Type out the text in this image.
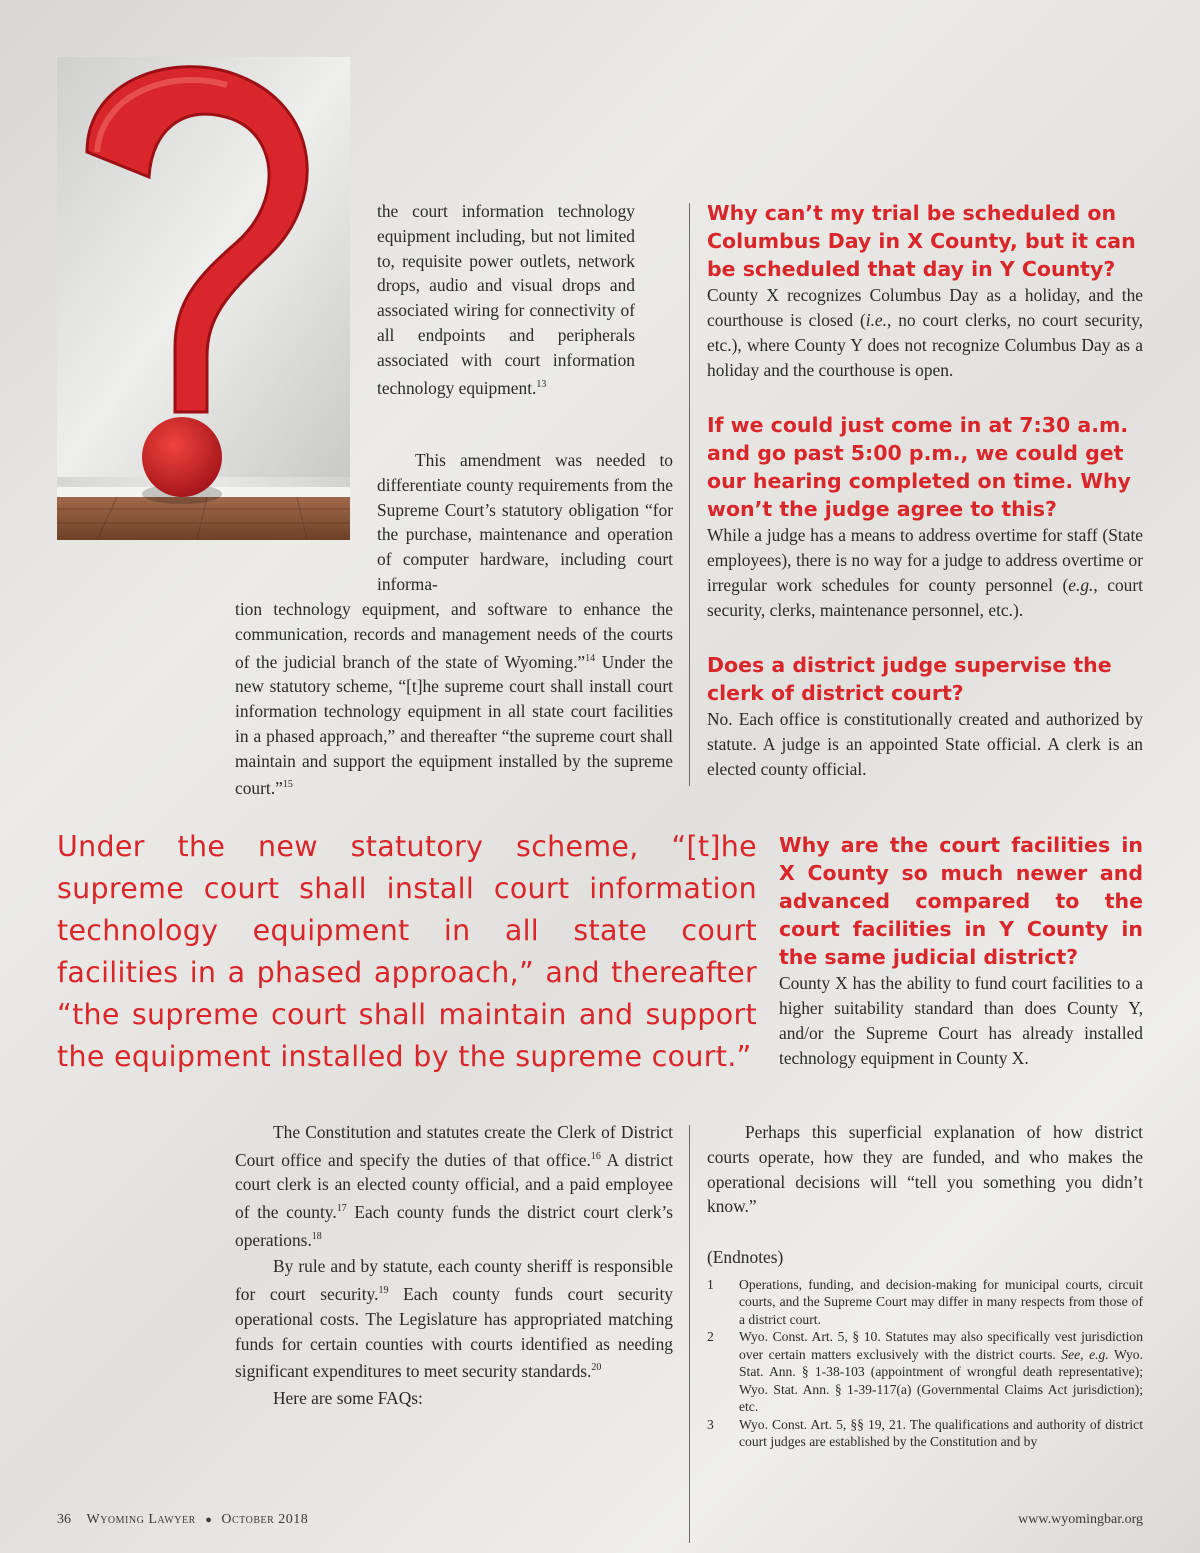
the court information technology equipment including, but not limited to, requisite power outlets, network drops, audio and visual drops and associated wiring for connectivity of all endpoints and peripherals associated with court information technology equipment.$^{13}$

This amendment was needed to differentiate county requirements from the Supreme Court’s statutory obligation “for the purchase, maintenance and operation of computer hardware, including court informa-
tion technology equipment, and software to enhance the communication, records and management needs of the courts of the judicial branch of the state of Wyoming.”$^{14}$ Under the new statutory scheme, “[t]he supreme court shall install court information technology equipment in all state court facilities in a phased approach,” and thereafter “the supreme court shall maintain and support the equipment installed by the supreme court.”$^{15}$

Why can’t my trial be scheduled on Columbus Day in X County, but it can be scheduled that day in Y County?

County X recognizes Columbus Day as a holiday, and the courthouse is closed (i.e., no court clerks, no court security, etc.), where County Y does not recognize Columbus Day as a holiday and the courthouse is open.

If we could just come in at 7:30 a.m. and go past 5:00 p.m., we could get our hearing completed on time. Why won’t the judge agree to this?

While a judge has a means to address overtime for staff (State employees), there is no way for a judge to address overtime or irregular work schedules for county personnel (e.g., court security, clerks, maintenance personnel, etc.).

Does a district judge supervise the clerk of district court?

No. Each office is constitutionally created and authorized by statute. A judge is an appointed State official. A clerk is an elected county official.

Under the new statutory scheme, “[t]he supreme court shall install court information technology equipment in all state court facilities in a phased approach,” and thereafter “the supreme court shall maintain and support the equipment installed by the supreme court.”

Why are the court facilities in X County so much newer and advanced compared to the court facilities in Y County in the same judicial district?

County X has the ability to fund court facilities to a higher suitability standard than does County Y, and/or the Supreme Court has already installed technology equipment in County X.

The Constitution and statutes create the Clerk of District Court office and specify the duties of that office.$^{16}$ A district court clerk is an elected county official, and a paid employee of the county.$^{17}$ Each county funds the district court clerk’s operations.$^{18}$

By rule and by statute, each county sheriff is responsible for court security.$^{19}$ Each county funds court security operational costs. The Legislature has appropriated matching funds for certain counties with courts identified as needing significant expenditures to meet security standards.$^{20}$

Here are some FAQs:

Perhaps this superficial explanation of how district courts operate, how they are funded, and who makes the operational decisions will “tell you something you didn’t know.”

(Endnotes)

1	Operations, funding, and decision-making for municipal courts, circuit courts, and the Supreme Court may differ in many respects from those of a district court.
2	Wyo. Const. Art. 5, § 10. Statutes may also specifically vest jurisdiction over certain matters exclusively with the district courts. See, e.g. Wyo. Stat. Ann. § 1-38-103 (appointment of wrongful death representative); Wyo. Stat. Ann. § 1-39-117(a) (Governmental Claims Act jurisdiction); etc.
3	Wyo. Const. Art. 5, §§ 19, 21. The qualifications and authority of district court judges are established by the Constitution and by
36 Wyoming Lawyer ● October 2018	www.wyomingbar.org
